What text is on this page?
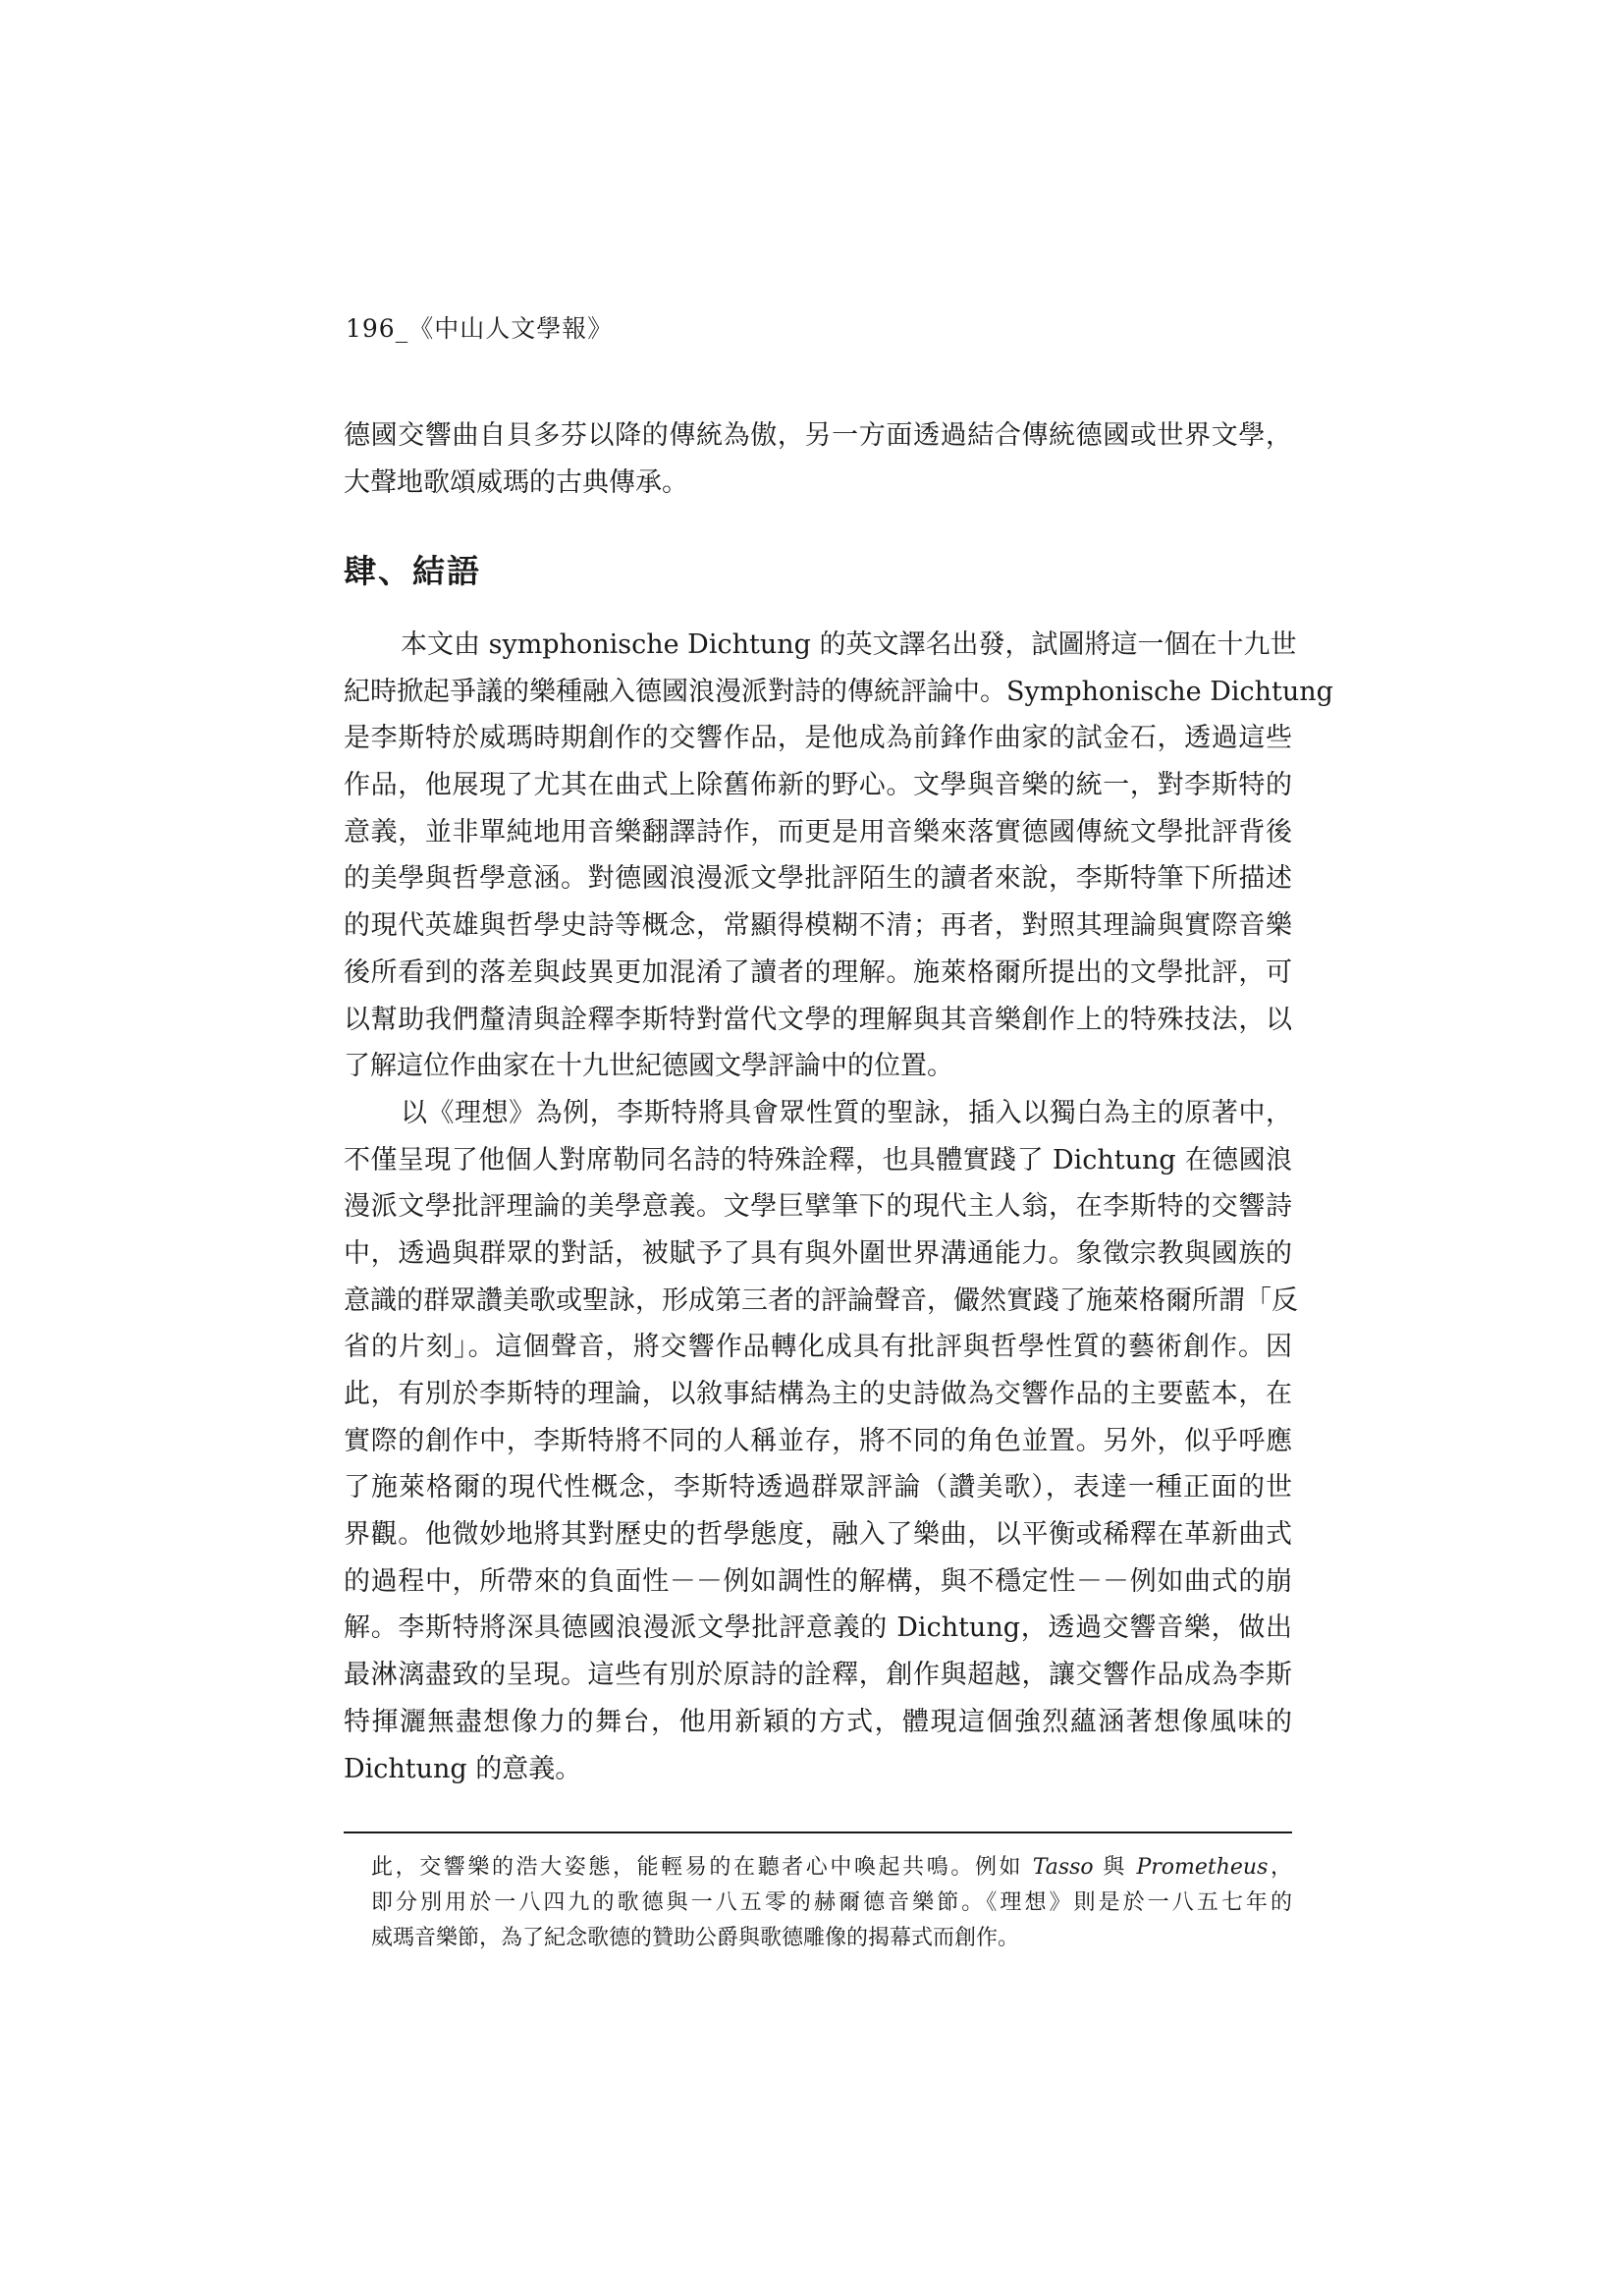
196_《中山人文學報》
德國交響曲自貝多芬以降的傳統為傲，另一方面透過結合傳統德國或世界文學，
大聲地歌頌威瑪的古典傳承。
肆、結語
本文由 symphonische Dichtung 的英文譯名出發，試圖將這一個在十九世
紀時掀起爭議的樂種融入德國浪漫派對詩的傳統評論中。Symphonische Dichtung
是李斯特於威瑪時期創作的交響作品，是他成為前鋒作曲家的試金石，透過這些
作品，他展現了尤其在曲式上除舊佈新的野心。文學與音樂的統一，對李斯特的
意義，並非單純地用音樂翻譯詩作，而更是用音樂來落實德國傳統文學批評背後
的美學與哲學意涵。對德國浪漫派文學批評陌生的讀者來說，李斯特筆下所描述
的現代英雄與哲學史詩等概念，常顯得模糊不清；再者，對照其理論與實際音樂
後所看到的落差與歧異更加混淆了讀者的理解。施萊格爾所提出的文學批評，可
以幫助我們釐清與詮釋李斯特對當代文學的理解與其音樂創作上的特殊技法，以
了解這位作曲家在十九世紀德國文學評論中的位置。
以《理想》為例，李斯特將具會眾性質的聖詠，插入以獨白為主的原著中，
不僅呈現了他個人對席勒同名詩的特殊詮釋，也具體實踐了 Dichtung 在德國浪
漫派文學批評理論的美學意義。文學巨擘筆下的現代主人翁，在李斯特的交響詩
中，透過與群眾的對話，被賦予了具有與外圍世界溝通能力。象徵宗教與國族的
意識的群眾讚美歌或聖詠，形成第三者的評論聲音，儼然實踐了施萊格爾所謂「反
省的片刻」。這個聲音，將交響作品轉化成具有批評與哲學性質的藝術創作。因
此，有別於李斯特的理論，以敘事結構為主的史詩做為交響作品的主要藍本，在
實際的創作中，李斯特將不同的人稱並存，將不同的角色並置。另外，似乎呼應
了施萊格爾的現代性概念，李斯特透過群眾評論（讚美歌），表達一種正面的世
界觀。他微妙地將其對歷史的哲學態度，融入了樂曲，以平衡或稀釋在革新曲式
的過程中，所帶來的負面性－－例如調性的解構，與不穩定性－－例如曲式的崩
解。李斯特將深具德國浪漫派文學批評意義的 Dichtung，透過交響音樂，做出
最淋漓盡致的呈現。這些有別於原詩的詮釋，創作與超越，讓交響作品成為李斯
特揮灑無盡想像力的舞台，他用新穎的方式，體現這個強烈蘊涵著想像風味的
Dichtung 的意義。
此，交響樂的浩大姿態，能輕易的在聽者心中喚起共鳴。例如 Tasso 與 Prometheus，
即分別用於一八四九的歌德與一八五零的赫爾德音樂節。《理想》則是於一八五七年的
威瑪音樂節，為了紀念歌德的贊助公爵與歌德雕像的揭幕式而創作。
